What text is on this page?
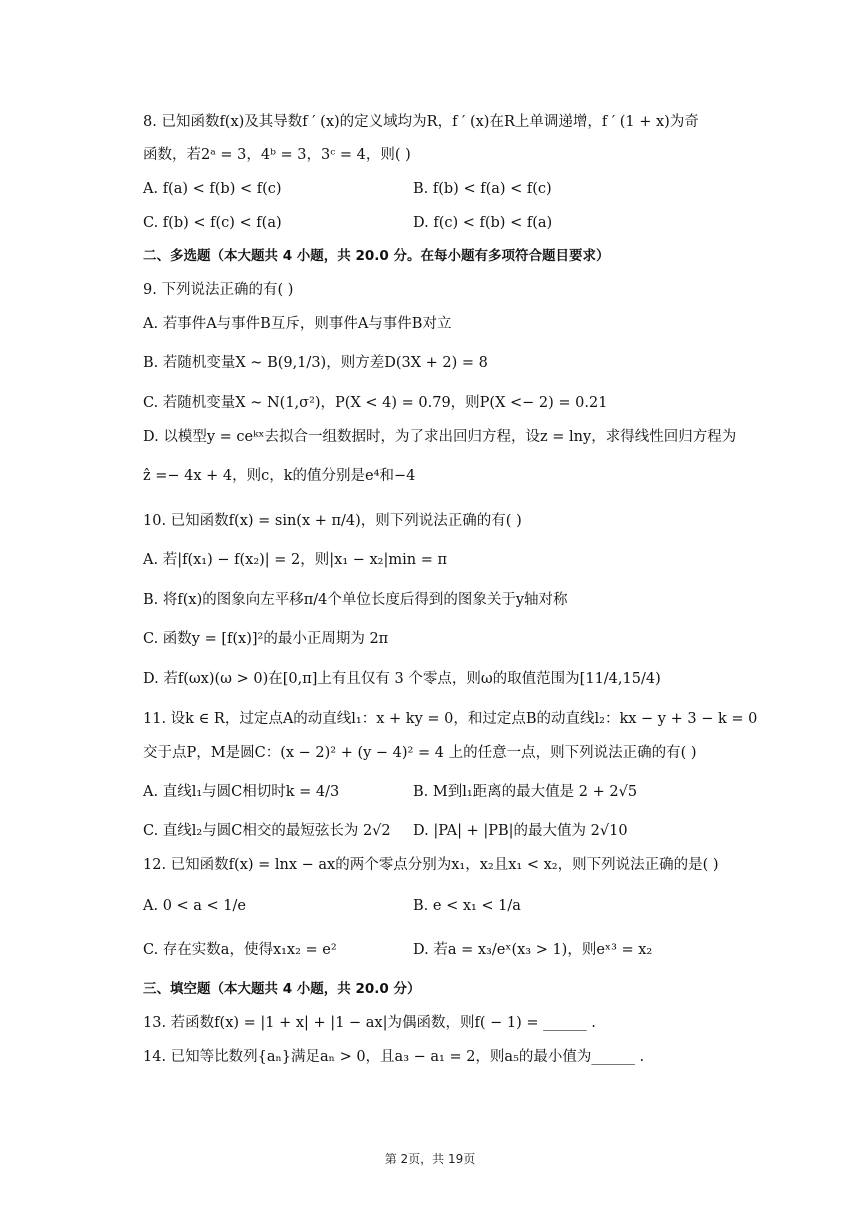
8. 已知函数f(x)及其导数f ′ (x)的定义域均为R，f ′ (x)在R上单调递增，f ′ (1 + x)为奇
函数，若2ᵃ = 3，4ᵇ = 3，3ᶜ = 4，则( )
A. f(a) < f(b) < f(c)	B. f(b) < f(a) < f(c)
C. f(b) < f(c) < f(a)	D. f(c) < f(b) < f(a)
二、多选题（本大题共 4 小题，共 20.0 分。在每小题有多项符合题目要求）
9. 下列说法正确的有( )
A. 若事件A与事件B互斥，则事件A与事件B对立
B. 若随机变量X ~ B(9,1/3)，则方差D(3X + 2) = 8
C. 若随机变量X ~ N(1,σ²)，P(X < 4) = 0.79，则P(X <− 2) = 0.21
D. 以模型y = ceᵏˣ去拟合一组数据时，为了求出回归方程，设z = lny，求得线性回归方程为
ẑ =− 4x + 4，则c，k的值分别是e⁴和−4
10. 已知函数f(x) = sin(x + π/4)，则下列说法正确的有( )
A. 若|f(x₁) − f(x₂)| = 2，则|x₁ − x₂|min = π
B. 将f(x)的图象向左平移π/4个单位长度后得到的图象关于y轴对称
C. 函数y = [f(x)]²的最小正周期为 2π
D. 若f(ωx)(ω > 0)在[0,π]上有且仅有 3 个零点，则ω的取值范围为[11/4,15/4)
11. 设k ∈ R，过定点A的动直线l₁：x + ky = 0，和过定点B的动直线l₂：kx − y + 3 − k = 0
交于点P，M是圆C：(x − 2)² + (y − 4)² = 4 上的任意一点，则下列说法正确的有( )
A. 直线l₁与圆C相切时k = 4/3	B. M到l₁距离的最大值是 2 + 2√5
C. 直线l₂与圆C相交的最短弦长为 2√2 D. |PA| + |PB|的最大值为 2√10
12. 已知函数f(x) = lnx − ax的两个零点分别为x₁，x₂且x₁ < x₂，则下列说法正确的是( )
A. 0 < a < 1/e	B. e < x₁ < 1/a
C. 存在实数a，使得x₁x₂ = e²	D. 若a = x₃/eˣ(x₃ > 1)，则eˣ³ = x₂
三、填空题（本大题共 4 小题，共 20.0 分）
13. 若函数f(x) = |1 + x| + |1 − ax|为偶函数，则f( − 1) = ______ .
14. 已知等比数列{aₙ}满足aₙ > 0，且a₃ − a₁ = 2，则a₅的最小值为______ .
第 2页，共 19页
